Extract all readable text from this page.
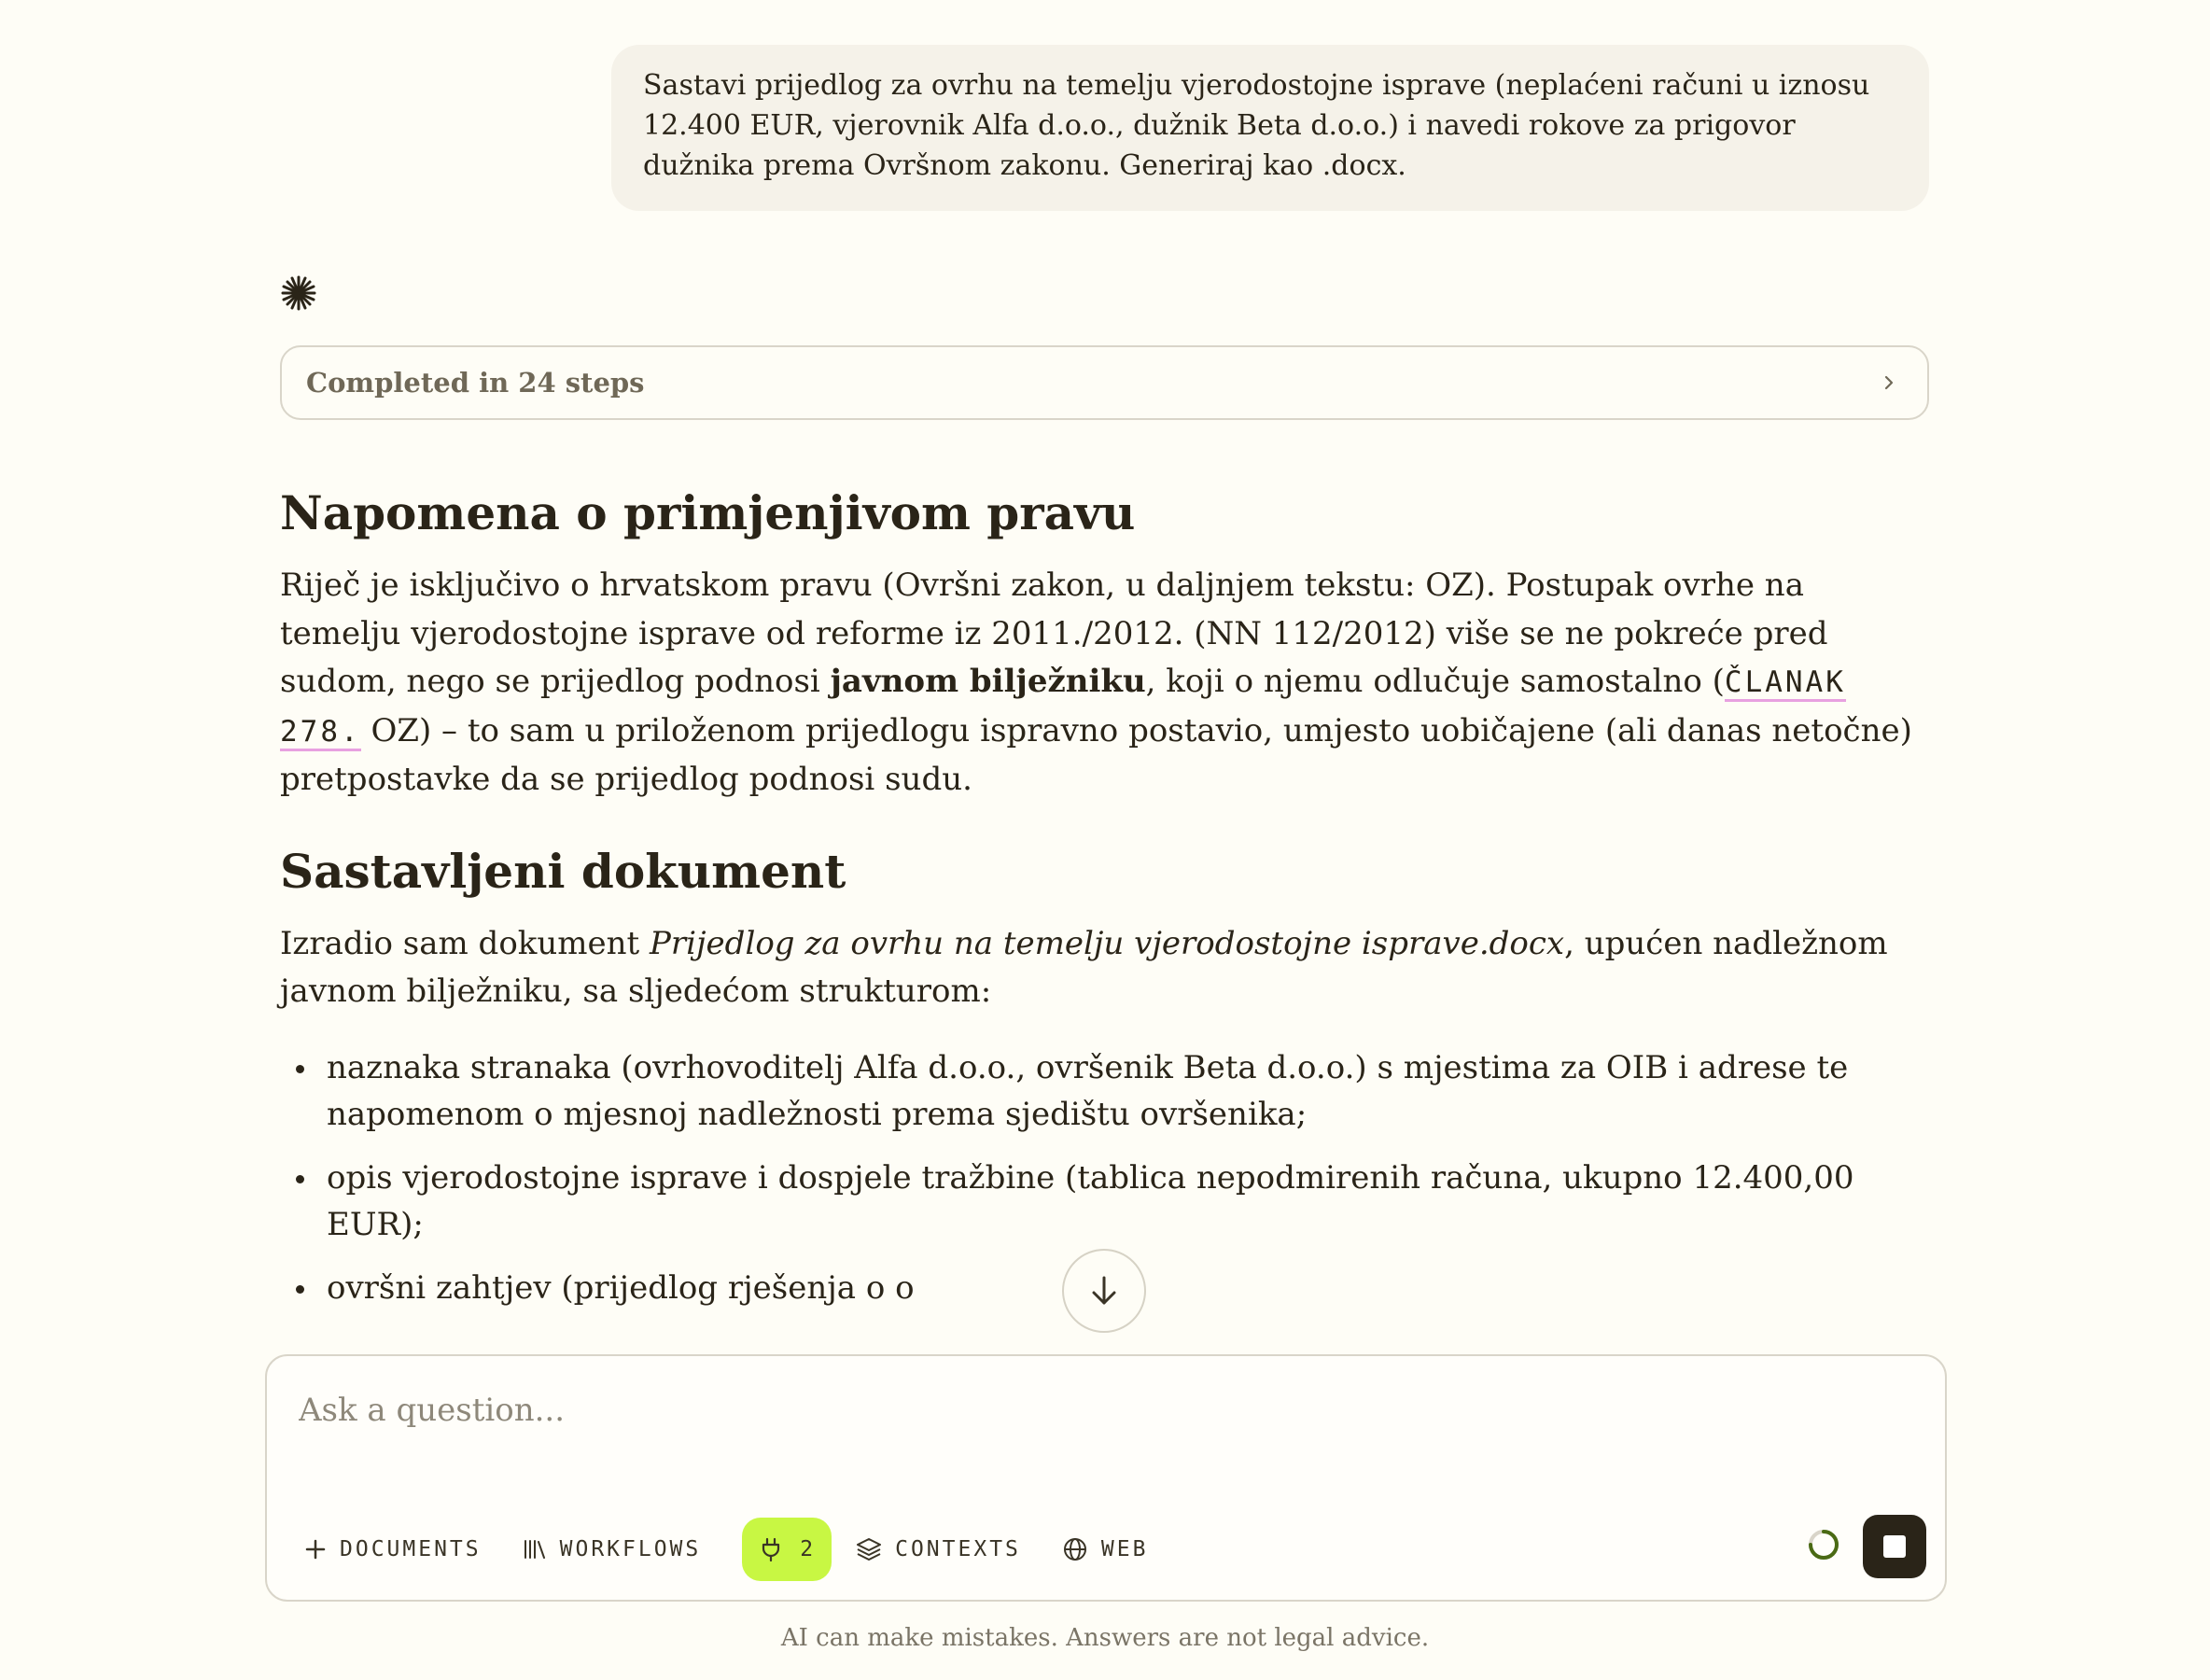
Sastavi prijedlog za ovrhu na temelju vjerodostojne isprave (neplaćeni računi u iznosu 12.400 EUR, vjerovnik Alfa d.o.o., dužnik Beta d.o.o.) i navedi rokove za prigovor dužnika prema Ovršnom zakonu. Generiraj kao .docx.
Completed in 24 steps
Napomena o primjenjivom pravu

Riječ je isključivo o hrvatskom pravu (Ovršni zakon, u daljnjem tekstu: OZ). Postupak ovrhe na temelju vjerodostojne isprave od reforme iz 2011./2012. (NN 112/2012) više se ne pokreće pred sudom, nego se prijedlog podnosi javnom bilježniku, koji o njemu odlučuje samostalno (ČLANAK 278. OZ) – to sam u priloženom prijedlogu ispravno postavio, umjesto uobičajene (ali danas netočne) pretpostavke da se prijedlog podnosi sudu.

Sastavljeni dokument

Izradio sam dokument Prijedlog za ovrhu na temelju vjerodostojne isprave.docx, upućen nadležnom javnom bilježniku, sa sljedećom strukturom:

naznaka stranaka (ovrhovoditelj Alfa d.o.o., ovršenik Beta d.o.o.) s mjestima za OIB i adrese te napomenom o mjesnoj nadležnosti prema sjedištu ovršenika;
opis vjerodostojne isprave i dospjele tražbine (tablica nepodmirenih računa, ukupno 12.400,00 EUR);
ovršni zahtjev (prijedlog rješenja o o
Ask a question...
DOCUMENTS	WORKFLOWS	2	CONTEXTS	WEB
AI can make mistakes. Answers are not legal advice.
